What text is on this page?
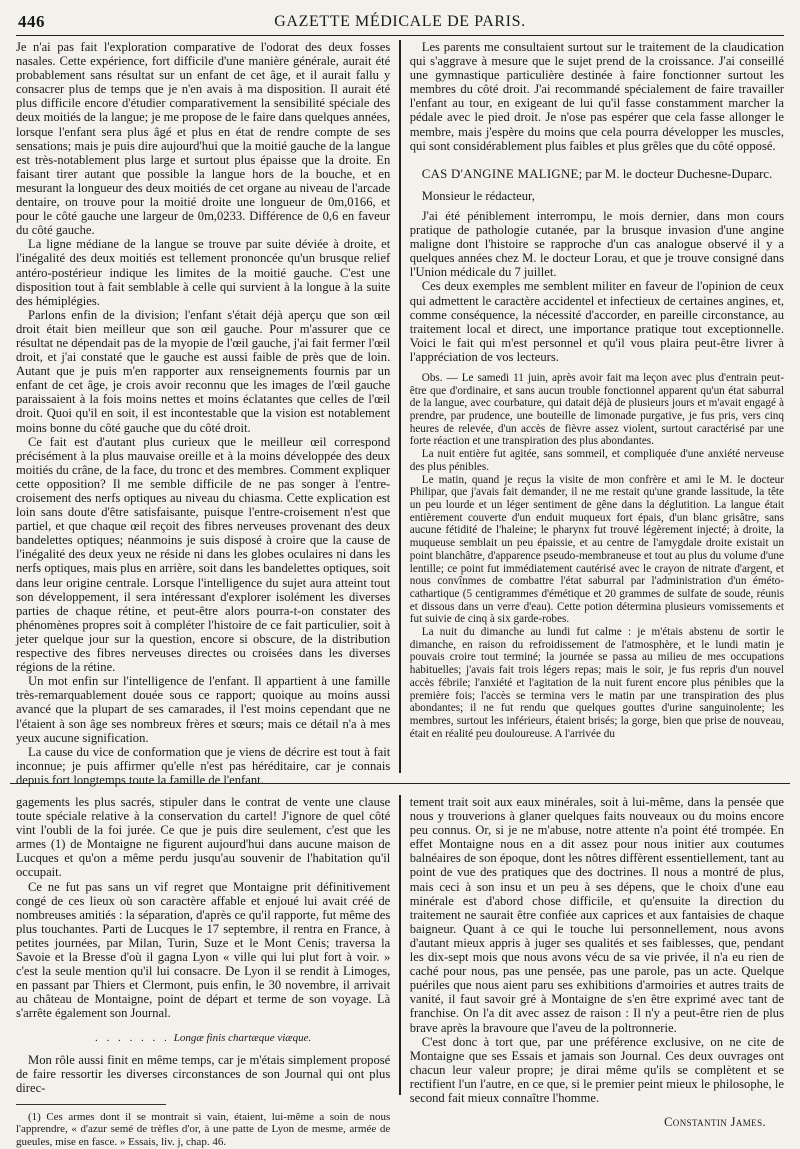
446	GAZETTE MÉDICALE DE PARIS.

Je n'ai pas fait l'exploration comparative de l'odorat des deux fosses nasales. Cette expérience, fort difficile d'une manière générale, aurait été probablement sans résultat sur un enfant de cet âge, et il aurait fallu y consacrer plus de temps que je n'en avais à ma disposition. Il aurait été plus difficile encore d'étudier comparativement la sensibilité spéciale des deux moitiés de la langue; je me propose de le faire dans quelques années, lorsque l'enfant sera plus âgé et plus en état de rendre compte de ses sensations; mais je puis dire aujourd'hui que la moitié gauche de la langue est très-notablement plus large et surtout plus épaisse que la droite. En faisant tirer autant que possible la langue hors de la bouche, et en mesurant la longueur des deux moitiés de cet organe au niveau de l'arcade dentaire, on trouve pour la moitié droite une longueur de 0m,0166, et pour le côté gauche une largeur de 0m,0233. Différence de 0,6 en faveur du côté gauche.

La ligne médiane de la langue se trouve par suite déviée à droite, et l'inégalité des deux moitiés est tellement prononcée qu'un brusque relief antéro-postérieur indique les limites de la moitié gauche. C'est une disposition tout à fait semblable à celle qui survient à la longue à la suite des hémiplégies.

Parlons enfin de la division; l'enfant s'était déjà aperçu que son œil droit était bien meilleur que son œil gauche. Pour m'assurer que ce résultat ne dépendait pas de la myopie de l'œil gauche, j'ai fait fermer l'œil droit, et j'ai constaté que le gauche est aussi faible de près que de loin. Autant que je puis m'en rapporter aux renseignements fournis par un enfant de cet âge, je crois avoir reconnu que les images de l'œil gauche paraissaient à la fois moins nettes et moins éclatantes que celles de l'œil droit. Quoi qu'il en soit, il est incontestable que la vision est notablement moins bonne du côté gauche que du côté droit.

Ce fait est d'autant plus curieux que le meilleur œil correspond précisément à la plus mauvaise oreille et à la moins développée des deux moitiés du crâne, de la face, du tronc et des membres. Comment expliquer cette opposition? Il me semble difficile de ne pas songer à l'entre-croisement des nerfs optiques au niveau du chiasma. Cette explication est loin sans doute d'être satisfaisante, puisque l'entre-croisement n'est que partiel, et que chaque œil reçoit des fibres nerveuses provenant des deux bandelettes optiques; néanmoins je suis disposé à croire que la cause de l'inégalité des deux yeux ne réside ni dans les globes oculaires ni dans les nerfs optiques, mais plus en arrière, soit dans les bandelettes optiques, soit dans leur origine centrale. Lorsque l'intelligence du sujet aura atteint tout son développement, il sera intéressant d'explorer isolément les diverses parties de chaque rétine, et peut-être alors pourra-t-on constater des phénomènes propres soit à compléter l'histoire de ce fait particulier, soit à jeter quelque jour sur la question, encore si obscure, de la distribution respective des fibres nerveuses directes ou croisées dans les diverses régions de la rétine.

Un mot enfin sur l'intelligence de l'enfant. Il appartient à une famille très-remarquablement douée sous ce rapport; quoique au moins aussi avancé que la plupart de ses camarades, il l'est moins cependant que ne l'étaient à son âge ses nombreux frères et sœurs; mais ce détail n'a à mes yeux aucune signification.

La cause du vice de conformation que je viens de décrire est tout à fait inconnue; je puis affirmer qu'elle n'est pas héréditaire, car je connais depuis fort longtemps toute la famille de l'enfant.

Les parents me consultaient surtout sur le traitement de la claudication qui s'aggrave à mesure que le sujet prend de la croissance. J'ai conseillé une gymnastique particulière destinée à faire fonctionner surtout les membres du côté droit. J'ai recommandé spécialement de faire travailler l'enfant au tour, en exigeant de lui qu'il fasse constamment marcher la pédale avec le pied droit. Je n'ose pas espérer que cela fasse allonger le membre, mais j'espère du moins que cela pourra développer les muscles, qui sont considérablement plus faibles et plus grêles que du côté opposé.

CAS D'ANGINE MALIGNE; par M. le docteur Duchesne-Duparc.

Monsieur le rédacteur,

J'ai été péniblement interrompu, le mois dernier, dans mon cours pratique de pathologie cutanée, par la brusque invasion d'une angine maligne dont l'histoire se rapproche d'un cas analogue observé il y a quelques années chez M. le docteur Lorau, et que je trouve consigné dans l'Union médicale du 7 juillet.

Ces deux exemples me semblent militer en faveur de l'opinion de ceux qui admettent le caractère accidentel et infectieux de certaines angines, et, comme conséquence, la nécessité d'accorder, en pareille circonstance, au traitement local et direct, une importance pratique tout exceptionnelle. Voici le fait qui m'est personnel et qu'il vous plaira peut-être livrer à l'appréciation de vos lecteurs.

Obs. — Le samedi 11 juin, après avoir fait ma leçon avec plus d'entrain peut-être que d'ordinaire, et sans aucun trouble fonctionnel apparent qu'un état saburral de la langue, avec courbature, qui datait déjà de plusieurs jours et m'avait engagé à prendre, par prudence, une bouteille de limonade purgative, je fus pris, vers cinq heures de relevée, d'un accès de fièvre assez violent, surtout caractérisé par une forte réaction et une transpiration des plus abondantes.

La nuit entière fut agitée, sans sommeil, et compliquée d'une anxiété nerveuse des plus pénibles.

Le matin, quand je reçus la visite de mon confrère et ami le M. le docteur Philipar, que j'avais fait demander, il ne me restait qu'une grande lassitude, la tête un peu lourde et un léger sentiment de gêne dans la déglutition. La langue était entièrement couverte d'un enduit muqueux fort épais, d'un blanc grisâtre, sans aucune fétidité de l'haleine; le pharynx fut trouvé légèrement injecté; à droite, la muqueuse semblait un peu épaissie, et au centre de l'amygdale droite existait un point blanchâtre, d'apparence pseudo-membraneuse et tout au plus du volume d'une lentille; ce point fut immédiatement cautérisé avec le crayon de nitrate d'argent, et nous convînmes de combattre l'état saburral par l'administration d'un éméto-cathartique (5 centigrammes d'émétique et 20 grammes de sulfate de soude, réunis et dissous dans un verre d'eau). Cette potion détermina plusieurs vomissements et fut suivie de cinq à six garde-robes.

La nuit du dimanche au lundi fut calme : je m'étais abstenu de sortir le dimanche, en raison du refroidissement de l'atmosphère, et le lundi matin je pouvais croire tout terminé; la journée se passa au milieu de mes occupations habituelles; j'avais fait trois légers repas; mais le soir, je fus repris d'un nouvel accès fébrile; l'anxiété et l'agitation de la nuit furent encore plus pénibles que la première fois; l'accès se termina vers le matin par une transpiration des plus abondantes; il ne fut rendu que quelques gouttes d'urine sanguinolente; les membres, surtout les inférieurs, étaient brisés; la gorge, bien que prise de nouveau, était en réalité peu douloureuse. A l'arrivée du

gagements les plus sacrés, stipuler dans le contrat de vente une clause toute spéciale relative à la conservation du cartel! J'ignore de quel côté vint l'oubli de la foi jurée. Ce que je puis dire seulement, c'est que les armes (1) de Montaigne ne figurent aujourd'hui dans aucune maison de Lucques et qu'on a même perdu jusqu'au souvenir de l'habitation qu'il occupait.

Ce ne fut pas sans un vif regret que Montaigne prit définitivement congé de ces lieux où son caractère affable et enjoué lui avait créé de nombreuses amitiés : la séparation, d'après ce qu'il rapporte, fut même des plus touchantes. Parti de Lucques le 17 septembre, il rentra en France, à petites journées, par Milan, Turin, Suze et le Mont Cenis; traversa la Savoie et la Bresse d'où il gagna Lyon « ville qui lui plut fort à voir. » c'est la seule mention qu'il lui consacre. De Lyon il se rendit à Limoges, en passant par Thiers et Clermont, puis enfin, le 30 novembre, il arrivait au château de Montaigne, point de départ et terme de son voyage. Là s'arrête également son Journal.

. . . . . . . Longæ finis chartæque viæque.

Mon rôle aussi finit en même temps, car je m'étais simplement proposé de faire ressortir les diverses circonstances de son Journal qui ont plus direc-

(1) Ces armes dont il se montrait si vain, étaient, lui-même a soin de nous l'apprendre, « d'azur semé de trèfles d'or, à une patte de Lyon de mesme, armée de gueules, mise en fasce. » Essais, liv. j, chap. 46.

tement trait soit aux eaux minérales, soit à lui-même, dans la pensée que nous y trouverions à glaner quelques faits nouveaux ou du moins encore peu connus. Or, si je ne m'abuse, notre attente n'a point été trompée. En effet Montaigne nous en a dit assez pour nous initier aux coutumes balnéaires de son époque, dont les nôtres diffèrent essentiellement, tant au point de vue des pratiques que des doctrines. Il nous a montré de plus, mais ceci à son insu et un peu à ses dépens, que le choix d'une eau minérale est d'abord chose difficile, et qu'ensuite la direction du traitement ne saurait être confiée aux caprices et aux fantaisies de chaque baigneur. Quant à ce qui le touche lui personnellement, nous avons d'autant mieux appris à juger ses qualités et ses faiblesses, que, pendant les dix-sept mois que nous avons vécu de sa vie privée, il n'a eu rien de caché pour nous, pas une pensée, pas une parole, pas un acte. Quelque puériles que nous aient paru ses exhibitions d'armoiries et autres traits de vanité, il faut savoir gré à Montaigne de s'en être exprimé avec tant de franchise. On l'a dit avec assez de raison : Il n'y a peut-être rien de plus brave après la bravoure que l'aveu de la poltronnerie.

C'est donc à tort que, par une préférence exclusive, on ne cite de Montaigne que ses Essais et jamais son Journal. Ces deux ouvrages ont chacun leur valeur propre; je dirai même qu'ils se complètent et se rectifient l'un l'autre, en ce que, si le premier peint mieux le philosophe, le second fait mieux connaître l'homme.

Constantin James.
